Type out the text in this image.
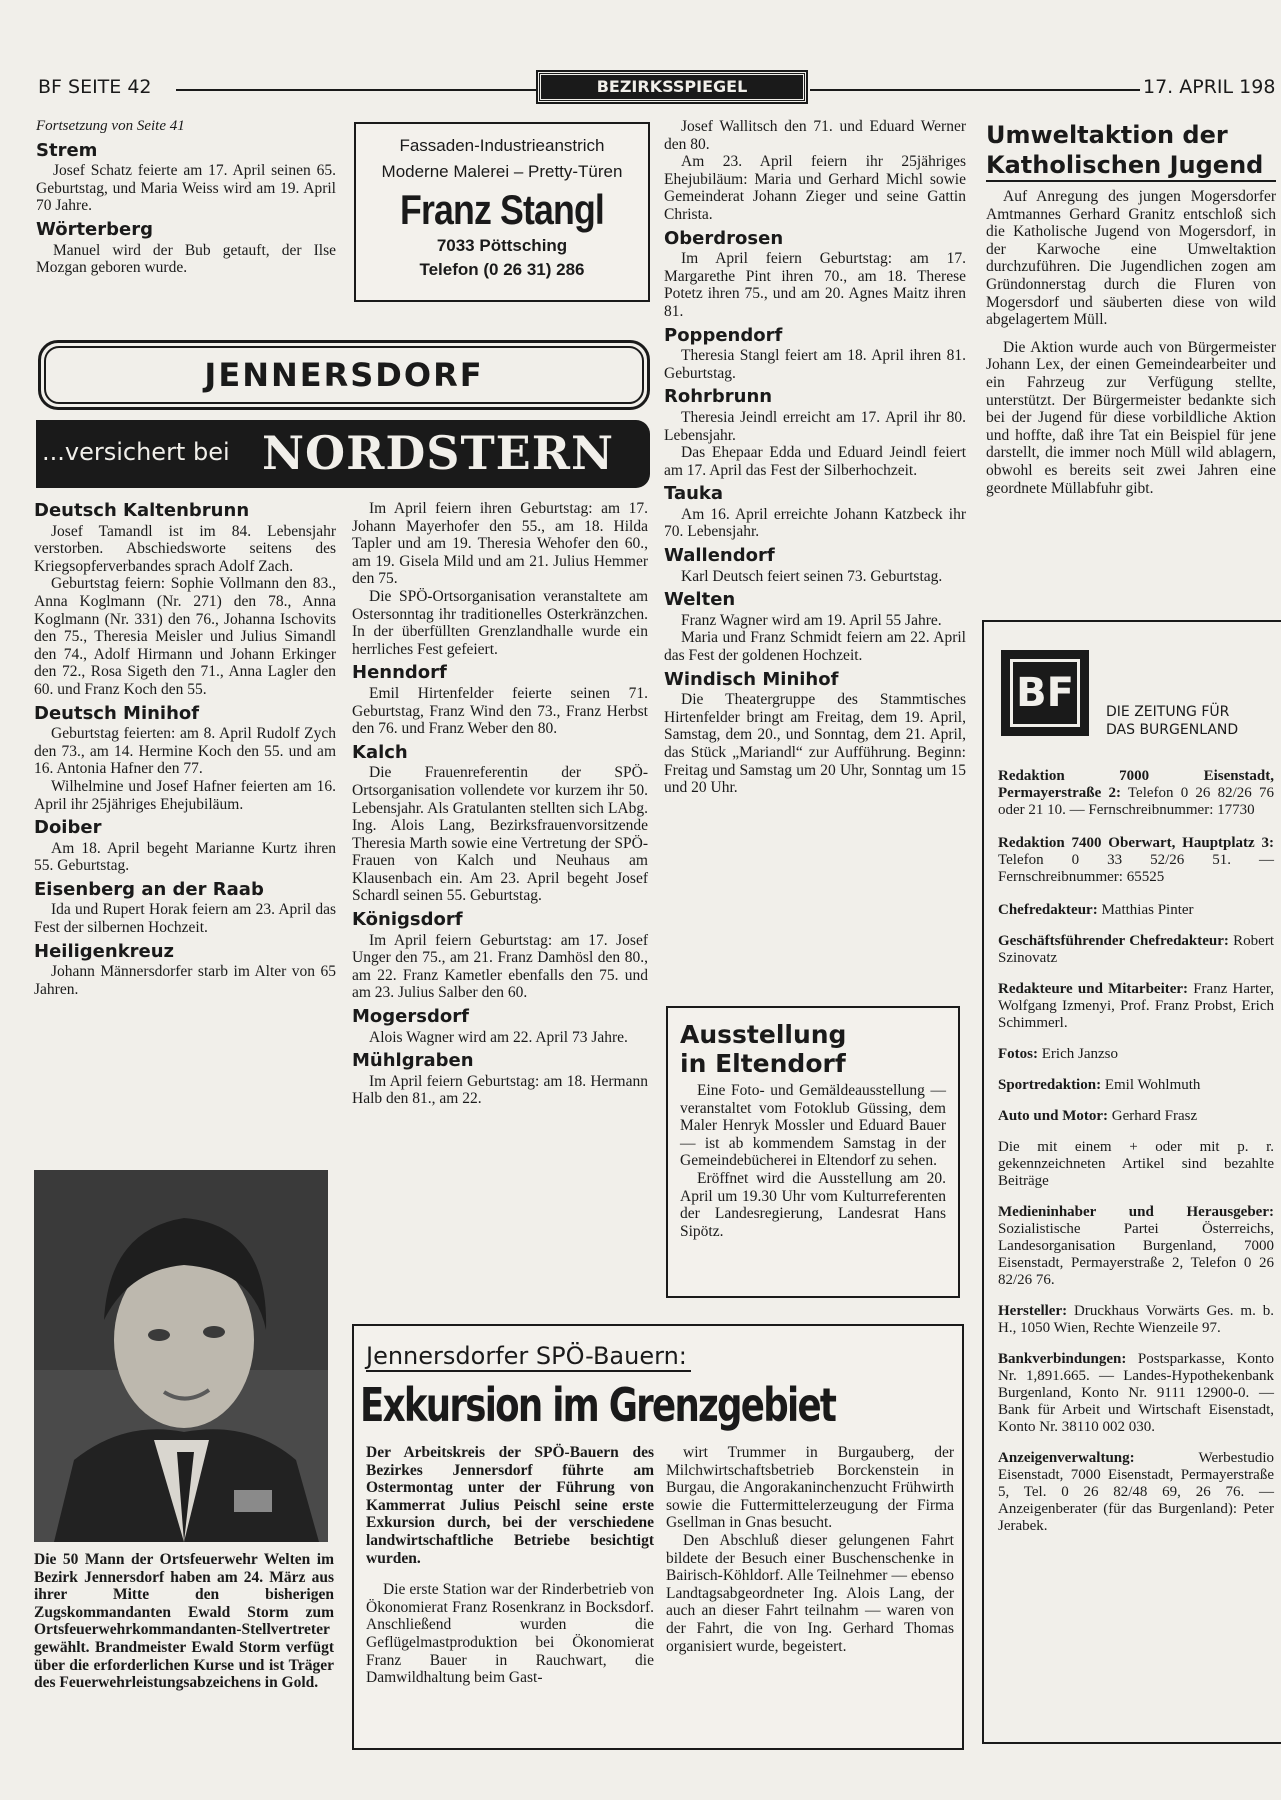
BF SEITE 42	BEZIRKSSPIEGEL	17. APRIL 198
Fortsetzung von Seite 41
Strem

Josef Schatz feierte am 17. April seinen 65. Geburtstag, und Maria Weiss wird am 19. April 70 Jahre.

Wörterberg

Manuel wird der Bub getauft, der Ilse Mozgan geboren wurde.

Fassaden-Industrieanstrich
Moderne Malerei – Pretty-Türen
Franz Stangl
7033 Pöttsching
Telefon (0 26 31) 286
JENNERSDORF
...versichert bei NORDSTERN
Deutsch Kaltenbrunn

Josef Tamandl ist im 84. Lebensjahr verstorben. Abschiedsworte seitens des Kriegsopferverbandes sprach Adolf Zach.

Geburtstag feiern: Sophie Vollmann den 83., Anna Koglmann (Nr. 271) den 78., Anna Koglmann (Nr. 331) den 76., Johanna Ischovits den 75., Theresia Meisler und Julius Simandl den 74., Adolf Hirmann und Johann Erkinger den 72., Rosa Sigeth den 71., Anna Lagler den 60. und Franz Koch den 55.

Deutsch Minihof

Geburtstag feierten: am 8. April Rudolf Zych den 73., am 14. Hermine Koch den 55. und am 16. Antonia Hafner den 77.

Wilhelmine und Josef Hafner feierten am 16. April ihr 25jähriges Ehejubiläum.

Doiber

Am 18. April begeht Marianne Kurtz ihren 55. Geburtstag.

Eisenberg an der Raab

Ida und Rupert Horak feiern am 23. April das Fest der silbernen Hochzeit.

Heiligenkreuz

Johann Männersdorfer starb im Alter von 65 Jahren.

Im April feiern ihren Geburtstag: am 17. Johann Mayerhofer den 55., am 18. Hilda Tapler und am 19. Theresia Wehofer den 60., am 19. Gisela Mild und am 21. Julius Hemmer den 75.

Die SPÖ-Ortsorganisation veranstaltete am Ostersonntag ihr traditionelles Osterkränzchen. In der überfüllten Grenzlandhalle wurde ein herrliches Fest gefeiert.

Henndorf

Emil Hirtenfelder feierte seinen 71. Geburtstag, Franz Wind den 73., Franz Herbst den 76. und Franz Weber den 80.

Kalch

Die Frauenreferentin der SPÖ-Ortsorganisation vollendete vor kurzem ihr 50. Lebensjahr. Als Gratulanten stellten sich LAbg. Ing. Alois Lang, Bezirksfrauenvorsitzende Theresia Marth sowie eine Vertretung der SPÖ-Frauen von Kalch und Neuhaus am Klausenbach ein. Am 23. April begeht Josef Schardl seinen 55. Geburtstag.

Königsdorf

Im April feiern Geburtstag: am 17. Josef Unger den 75., am 21. Franz Damhösl den 80., am 22. Franz Kametler ebenfalls den 75. und am 23. Julius Salber den 60.

Mogersdorf

Alois Wagner wird am 22. April 73 Jahre.

Mühlgraben

Im April feiern Geburtstag: am 18. Hermann Halb den 81., am 22.

Josef Wallitsch den 71. und Eduard Werner den 80.

Am 23. April feiern ihr 25jähriges Ehejubiläum: Maria und Gerhard Michl sowie Gemeinderat Johann Zieger und seine Gattin Christa.

Oberdrosen

Im April feiern Geburtstag: am 17. Margarethe Pint ihren 70., am 18. Therese Potetz ihren 75., und am 20. Agnes Maitz ihren 81.

Poppendorf

Theresia Stangl feiert am 18. April ihren 81. Geburtstag.

Rohrbrunn

Theresia Jeindl erreicht am 17. April ihr 80. Lebensjahr.

Das Ehepaar Edda und Eduard Jeindl feiert am 17. April das Fest der Silberhochzeit.

Tauka

Am 16. April erreichte Johann Katzbeck ihr 70. Lebensjahr.

Wallendorf

Karl Deutsch feiert seinen 73. Geburtstag.

Welten

Franz Wagner wird am 19. April 55 Jahre.

Maria und Franz Schmidt feiern am 22. April das Fest der goldenen Hochzeit.

Windisch Minihof

Die Theatergruppe des Stammtisches Hirtenfelder bringt am Freitag, dem 19. April, Samstag, dem 20., und Sonntag, dem 21. April, das Stück „Mariandl“ zur Aufführung. Beginn: Freitag und Samstag um 20 Uhr, Sonntag um 15 und 20 Uhr.

Ausstellung
in Eltendorf

Eine Foto- und Gemäldeausstellung — veranstaltet vom Fotoklub Güssing, dem Maler Henryk Mossler und Eduard Bauer — ist ab kommendem Samstag in der Gemeindebücherei in Eltendorf zu sehen.

Eröffnet wird die Ausstellung am 20. April um 19.30 Uhr vom Kulturreferenten der Landesregierung, Landesrat Hans Sipötz.

Umweltaktion der
Katholischen Jugend

Auf Anregung des jungen Mogersdorfer Amtmannes Gerhard Granitz entschloß sich die Katholische Jugend von Mogersdorf, in der Karwoche eine Umweltaktion durchzuführen. Die Jugendlichen zogen am Gründonnerstag durch die Fluren von Mogersdorf und säuberten diese von wild abgelagertem Müll.

Die Aktion wurde auch von Bürgermeister Johann Lex, der einen Gemeindearbeiter und ein Fahrzeug zur Verfügung stellte, unterstützt. Der Bürgermeister bedankte sich bei der Jugend für diese vorbildliche Aktion und hoffte, daß ihre Tat ein Beispiel für jene darstellt, die immer noch Müll wild ablagern, obwohl es bereits seit zwei Jahren eine geordnete Müllabfuhr gibt.

BF	DIE ZEITUNG FÜR
DAS BURGENLAND

Redaktion 7000 Eisenstadt, Permayerstraße 2: Telefon 0 26 82/26 76 oder 21 10. — Fernschreibnummer: 17730

Redaktion 7400 Oberwart, Hauptplatz 3: Telefon 0 33 52/26 51. — Fernschreibnummer: 65525

Chefredakteur: Matthias Pinter

Geschäftsführender Chefredakteur: Robert Szinovatz

Redakteure und Mitarbeiter: Franz Harter, Wolfgang Izmenyi, Prof. Franz Probst, Erich Schimmerl.

Fotos: Erich Janzso

Sportredaktion: Emil Wohlmuth

Auto und Motor: Gerhard Frasz

Die mit einem + oder mit p. r. gekennzeichneten Artikel sind bezahlte Beiträge

Medieninhaber und Herausgeber: Sozialistische Partei Österreichs, Landesorganisation Burgenland, 7000 Eisenstadt, Permayerstraße 2, Telefon 0 26 82/26 76.

Hersteller: Druckhaus Vorwärts Ges. m. b. H., 1050 Wien, Rechte Wienzeile 97.

Bankverbindungen: Postsparkasse, Konto Nr. 1,891.665. — Landes-Hypothekenbank Burgenland, Konto Nr. 9111 12900-0. — Bank für Arbeit und Wirtschaft Eisenstadt, Konto Nr. 38110 002 030.

Anzeigenverwaltung: Werbestudio Eisenstadt, 7000 Eisenstadt, Permayerstraße 5, Tel. 0 26 82/48 69, 26 76. — Anzeigenberater (für das Burgenland): Peter Jerabek.

Die 50 Mann der Ortsfeuerwehr Welten im Bezirk Jennersdorf haben am 24. März aus ihrer Mitte den bisherigen Zugskommandanten Ewald Storm zum Ortsfeuerwehrkommandanten-Stellvertreter gewählt. Brandmeister Ewald Storm verfügt über die erforderlichen Kurse und ist Träger des Feuerwehrleistungsabzeichens in Gold.

Jennersdorfer SPÖ-Bauern:
Exkursion im Grenzgebiet

Der Arbeitskreis der SPÖ-Bauern des Bezirkes Jennersdorf führte am Ostermontag unter der Führung von Kammerrat Julius Peischl seine erste Exkursion durch, bei der verschiedene landwirtschaftliche Betriebe besichtigt wurden.

Die erste Station war der Rinderbetrieb von Ökonomierat Franz Rosenkranz in Bocksdorf. Anschließend wurden die Geflügelmastproduktion bei Ökonomierat Franz Bauer in Rauchwart, die Damwildhaltung beim Gast-

wirt Trummer in Burgauberg, der Milchwirtschaftsbetrieb Borckenstein in Burgau, die Angorakaninchenzucht Frühwirth sowie die Futtermittelerzeugung der Firma Gsellman in Gnas besucht.

Den Abschluß dieser gelungenen Fahrt bildete der Besuch einer Buschenschenke in Bairisch-Köhldorf. Alle Teilnehmer — ebenso Landtagsabgeordneter Ing. Alois Lang, der auch an dieser Fahrt teilnahm — waren von der Fahrt, die von Ing. Gerhard Thomas organisiert wurde, begeistert.
